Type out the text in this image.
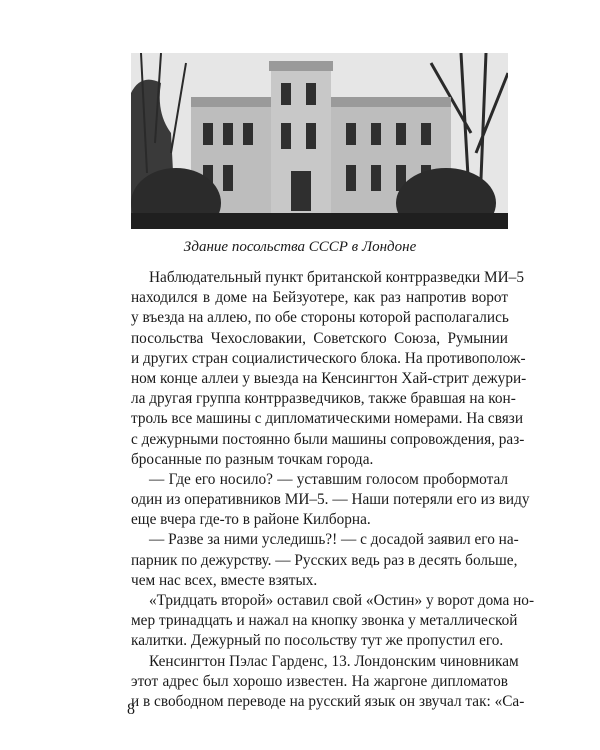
Здание посольства СССР в Лондоне
Наблюдательный пункт британской контрразведки МИ–5
находился в доме на Бейзуотере, как раз напротив ворот
у въезда на аллею, по обе стороны которой располагались
посольства Чехословакии, Советского Союза, Румынии
и других стран социалистического блока. На противополож-
ном конце аллеи у выезда на Кенсингтон Хай-стрит дежури-
ла другая группа контрразведчиков, также бравшая на кон-
троль все машины с дипломатическими номерами. На связи
с дежурными постоянно были машины сопровождения, раз-
бросанные по разным точкам города.
— Где его носило? — уставшим голосом пробормотал
один из оперативников МИ–5. — Наши потеряли его из виду
еще вчера где-то в районе Килборна.
— Разве за ними уследишь?! — с досадой заявил его на-
парник по дежурству. — Русских ведь раз в десять больше,
чем нас всех, вместе взятых.
«Тридцать второй» оставил свой «Остин» у ворот дома но-
мер тринадцать и нажал на кнопку звонка у металлической
калитки. Дежурный по посольству тут же пропустил его.
Кенсингтон Пэлас Гарденс, 13. Лондонским чиновникам
этот адрес был хорошо известен. На жаргоне дипломатов
и в свободном переводе на русский язык он звучал так: «Са-
8
